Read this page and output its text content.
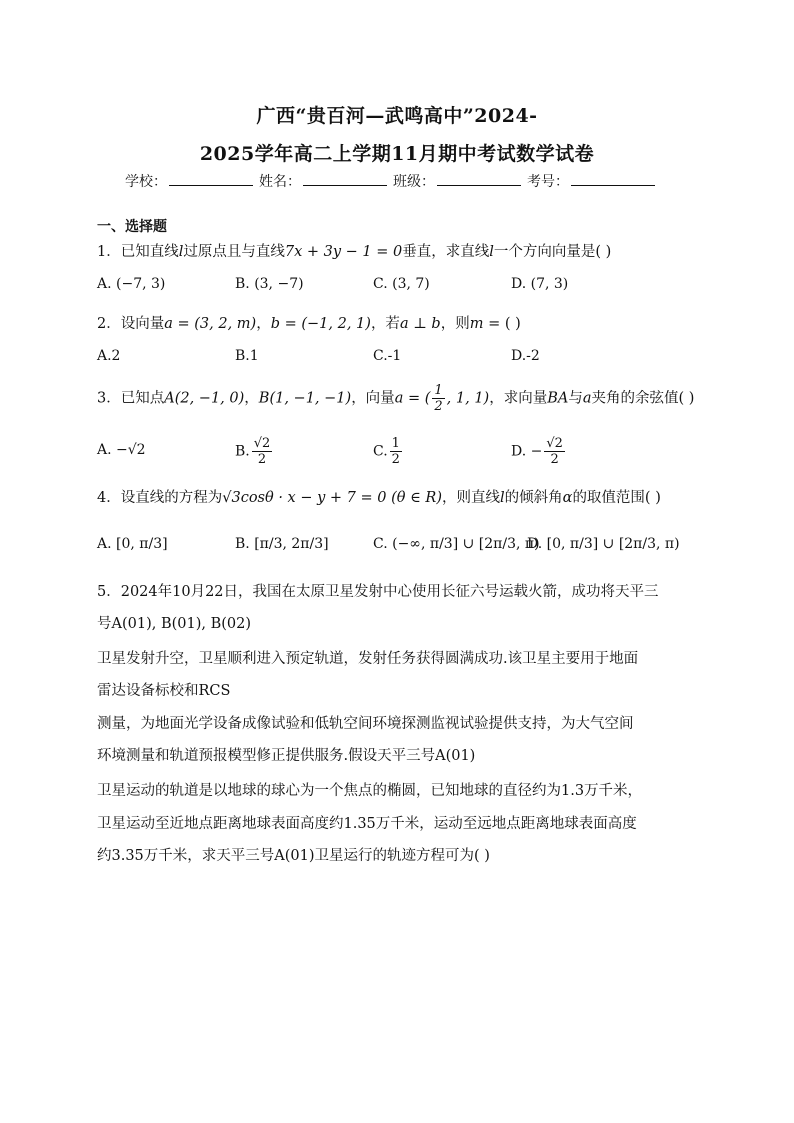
广西“贵百河—武鸣高中”2024-
2025学年高二上学期11月期中考试数学试卷
学校：	姓名：	班级：	考号：
一、选择题
1．已知直线l过原点且与直线7x + 3y − 1 = 0垂直，求直线l一个方向向量是( )
A. (−7, 3)	B. (3, −7)	C. (3, 7)	D. (7, 3)
2．设向量a = (3, 2, m)，b = (−1, 2, 1)，若a ⊥ b，则m = ( )
A.2	B.1	C.-1	D.-2
3．已知点A(2, −1, 0)，B(1, −1, −1)，向量a = ( $\frac{1}{2}$ , 1, 1)，求向量BA与a夹角的余弦值( )
A. −√2	B. $\frac{√2}{2}$	C. $\frac{1}{2}$	D. − $\frac{√2}{2}$
4．设直线的方程为√3cosθ · x − y + 7 = 0 (θ ∈ R)，则直线l的倾斜角α的取值范围( )
A. [0, π/3]	B. [π/3, 2π/3]	C. (−∞, π/3] ∪ [2π/3, π)
D. [0, π/3] ∪ [2π/3, π)
5．2024年10月22日，我国在太原卫星发射中心使用长征六号运载火箭，成功将天平三
号A(01), B(01), B(02)
卫星发射升空，卫星顺利进入预定轨道，发射任务获得圆满成功.该卫星主要用于地面
雷达设备标校和RCS
测量，为地面光学设备成像试验和低轨空间环境探测监视试验提供支持，为大气空间
环境测量和轨道预报模型修正提供服务.假设天平三号A(01)
卫星运动的轨道是以地球的球心为一个焦点的椭圆，已知地球的直径约为1.3万千米，
卫星运动至近地点距离地球表面高度约1.35万千米，运动至远地点距离地球表面高度
约3.35万千米，求天平三号A(01)卫星运行的轨迹方程可为( )
